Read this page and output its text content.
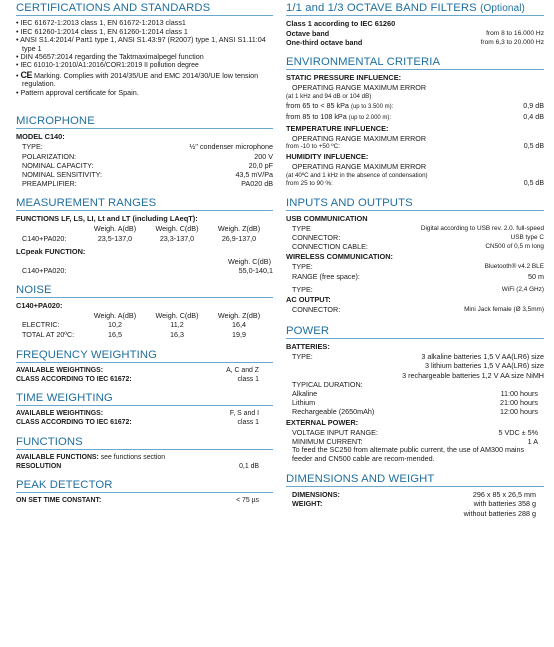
CERTIFICATIONS AND STANDARDS
• IEC 61672-1:2013 class 1, EN 61672-1:2013 class1
• IEC 61260-1:2014 class 1, EN 61260-1:2014 class 1
• ANSI S1.4:2014/ Part1 type 1, ANSI S1.43:97 (R2007) type 1, ANSI S1.11:04 type 1
• DIN 45657:2014 regarding the Taktmaximalpegel function
• IEC 61010-1:2010/A1:2016/COR1:2019 II pollution degree
• CE Marking. Complies with 2014/35/UE and EMC 2014/30/UE low tension regulation.
• Pattern approval certificate for Spain.
MICROPHONE
MODEL C140:
TYPE:	½" condenser microphone
POLARIZATION:	200 V
NOMINAL CAPACITY:	20,0 pF
NOMINAL SENSITIVITY:	43,5 mV/Pa
PREAMPLIFIER:	PA020 dB
MEASUREMENT RANGES
FUNCTIONS LF, LS, LI, Lt and LT (including LAeqT):
Weigh. A(dB)	Weigh. C(dB)	Weigh. Z(dB)
C140+PA020:	23,5-137,0	23,3-137,0	26,9-137,0
LCpeak FUNCTION:
Weigh. C(dB)
C140+PA020:	55,0-140,1
NOISE
C140+PA020:
Weigh. A(dB)	Weigh. C(dB)	Weigh. Z(dB)
ELECTRIC:	10,2	11,2	16,4
TOTAL AT 20ºC:	16,5	16,3	19,9
FREQUENCY WEIGHTING
AVAILABLE WEIGHTINGS:	A, C and Z
CLASS ACCORDING TO IEC 61672:	class 1
TIME WEIGHTING
AVAILABLE WEIGHTINGS:	F, S and I
CLASS ACCORDING TO IEC 61672:	class 1
FUNCTIONS
AVAILABLE FUNCTIONS: see functions section
RESOLUTION	0,1 dB
PEAK DETECTOR
ON SET TIME CONSTANT:	< 75 µs
1/1 and 1/3 OCTAVE BAND FILTERS (Optional)
Class 1 according to IEC 61260
Octave band	from 8 to 16.000 Hz
One-third octave band	from 6,3 to 20.000 Hz
ENVIRONMENTAL CRITERIA
STATIC PRESSURE INFLUENCE:
OPERATING RANGE MAXIMUM ERROR
(at 1 kHz and 94 dB or 104 dB)
from 65 to < 85 kPa (up to 3.500 m):	0,9 dB
from 85 to 108 kPa (up to 2.000 m):	0,4 dB
TEMPERATURE INFLUENCE:
OPERATING RANGE MAXIMUM ERROR
from -10 to +50 ºC:	0,5 dB
HUMIDITY INFLUENCE:
OPERATING RANGE MAXIMUM ERROR
(at 40ºC and 1 kHz in the absence of condensation)
from 25 to 90 %:	0,5 dB
INPUTS AND OUTPUTS
USB COMMUNICATION
TYPE	Digital according to USB rev. 2.0. full-speed
CONNECTOR:	USB type C
CONNECTION CABLE:	CN500 of 0,5 m long
WIRELESS COMMUNICATION:
TYPE:	Bluetooth® v4.2 BLE
RANGE (free space):	50 m
TYPE:	WiFi (2,4 GHz)
AC OUTPUT:
CONNECTOR:	Mini Jack female (Ø 3,5mm)
POWER
BATTERIES:
TYPE:	3 alkaline batteries 1,5 V AA(LR6) size
3 lithium batteries 1,5 V AA(LR6) size
3 rechargeable batteries 1,2 V AA size NiMH
TYPICAL DURATION:
Alkaline	11:00 hours
Lithium	21:00 hours
Rechargeable (2650mAh)	12:00 hours
EXTERNAL POWER:
VOLTAGE INPUT RANGE:	5 VDC ± 5%
MINIMUM CURRENT:	1 A
To feed the SC250 from alternate public current, the use of AM300 mains feeder and CN500 cable are recom-mended.
DIMENSIONS AND WEIGHT
DIMENSIONS:	296 x 85 x 26,5 mm
WEIGHT:	with batteries 358 g
without batteries 288 g
